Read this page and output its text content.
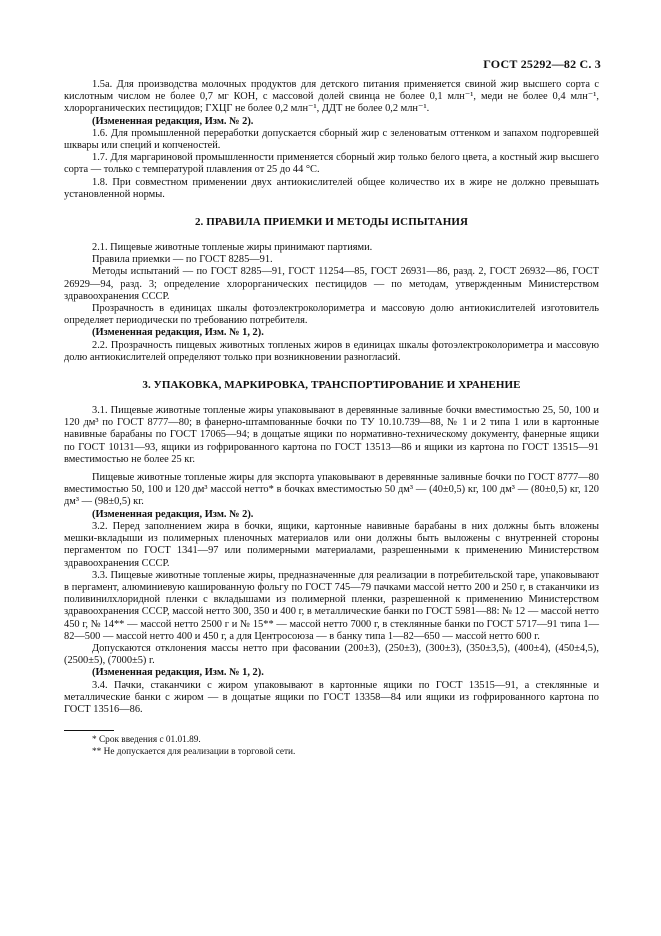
ГОСТ 25292—82 С. 3

1.5а. Для производства молочных продуктов для детского питания применяется свиной жир высшего сорта с кислотным числом не более 0,7 мг КОН, с массовой долей свинца не более 0,1 млн⁻¹, меди не более 0,4 млн⁻¹, хлорорганических пестицидов; ГХЦГ не более 0,2 млн⁻¹, ДДТ не более 0,2 млн⁻¹.

(Измененная редакция, Изм. № 2).

1.6. Для промышленной переработки допускается сборный жир с зеленоватым оттенком и запахом подгоревшей шквары или специй и копченостей.

1.7. Для маргариновой промышленности применяется сборный жир только белого цвета, а костный жир высшего сорта — только с температурой плавления от 25 до 44 °С.

1.8. При совместном применении двух антиокислителей общее количество их в жире не должно превышать установленной нормы.

2. ПРАВИЛА ПРИЕМКИ И МЕТОДЫ ИСПЫТАНИЯ

2.1. Пищевые животные топленые жиры принимают партиями.

Правила приемки — по ГОСТ 8285—91.

Методы испытаний — по ГОСТ 8285—91, ГОСТ 11254—85, ГОСТ 26931—86, разд. 2, ГОСТ 26932—86, ГОСТ 26929—94, разд. 3; определение хлорорганических пестицидов — по методам, утвержденным Министерством здравоохранения СССР.

Прозрачность в единицах шкалы фотоэлектроколориметра и массовую долю антиокислителей изготовитель определяет периодически по требованию потребителя.

(Измененная редакция, Изм. № 1, 2).

2.2. Прозрачность пищевых животных топленых жиров в единицах шкалы фотоэлектроколориметра и массовую долю антиокислителей определяют только при возникновении разногласий.

3. УПАКОВКА, МАРКИРОВКА, ТРАНСПОРТИРОВАНИЕ И ХРАНЕНИЕ

3.1. Пищевые животные топленые жиры упаковывают в деревянные заливные бочки вместимостью 25, 50, 100 и 120 дм³ по ГОСТ 8777—80; в фанерно-штампованные бочки по ТУ 10.10.739—88, № 1 и 2 типа 1 или в картонные навивные барабаны по ГОСТ 17065—94; в дощатые ящики по нормативно-техническому документу, фанерные ящики по ГОСТ 10131—93, ящики из гофрированного картона по ГОСТ 13513—86 и ящики из картона по ГОСТ 13515—91 вместимостью не более 25 кг.

Пищевые животные топленые жиры для экспорта упаковывают в деревянные заливные бочки по ГОСТ 8777—80 вместимостью 50, 100 и 120 дм³ массой нетто* в бочках вместимостью 50 дм³ — (40±0,5) кг, 100 дм³ — (80±0,5) кг, 120 дм³ — (98±0,5) кг.

(Измененная редакция, Изм. № 2).

3.2. Перед заполнением жира в бочки, ящики, картонные навивные барабаны в них должны быть вложены мешки-вкладыши из полимерных пленочных материалов или они должны быть выложены с внутренней стороны пергаментом по ГОСТ 1341—97 или полимерными материалами, разрешенными к применению Министерством здравоохранения СССР.

3.3. Пищевые животные топленые жиры, предназначенные для реализации в потребительской таре, упаковывают в пергамент, алюминиевую кашированную фольгу по ГОСТ 745—79 пачками массой нетто 200 и 250 г, в стаканчики из поливинилхлоридной пленки с вкладышами из полимерной пленки, разрешенной к применению Министерством здравоохранения СССР, массой нетто 300, 350 и 400 г, в металлические банки по ГОСТ 5981—88: № 12 — массой нетто 450 г, № 14** — массой нетто 2500 г и № 15** — массой нетто 7000 г, в стеклянные банки по ГОСТ 5717—91 типа 1—82—500 — массой нетто 400 и 450 г, а для Центросоюза — в банку типа 1—82—650 — массой нетто 600 г.

Допускаются отклонения массы нетто при фасовании (200±3), (250±3), (300±3), (350±3,5), (400±4), (450±4,5), (2500±5), (7000±5) г.

(Измененная редакция, Изм. № 1, 2).

3.4. Пачки, стаканчики с жиром упаковывают в картонные ящики по ГОСТ 13515—91, а стеклянные и металлические банки с жиром — в дощатые ящики по ГОСТ 13358—84 или ящики из гофрированного картона по ГОСТ 13516—86.

* Срок введения с 01.01.89.

** Не допускается для реализации в торговой сети.
